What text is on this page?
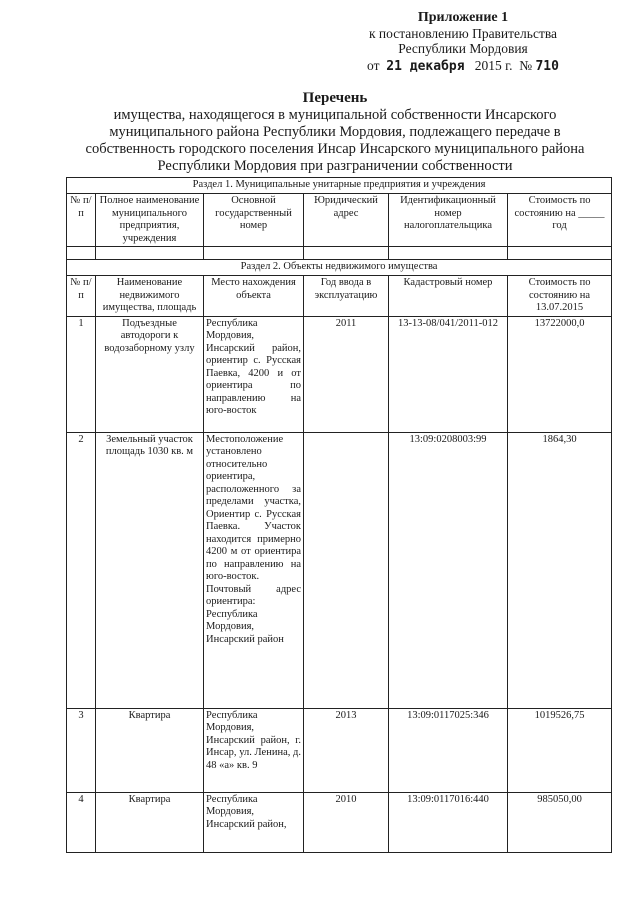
Приложение 1
к постановлению Правительства
Республики Мордовия
от 21 декабря 2015 г. № 710
Перечень
имущества, находящегося в муниципальной собственности Инсарского
муниципального района Республики Мордовия, подлежащего передаче в
собственность городского поселения Инсар Инсарского муниципального района
Республики Мордовия при разграничении собственности
Раздел 1. Муниципальные унитарные предприятия и учреждения					
№ п/п	Полное наименование муниципального предприятия, учреждения	Основной государственный номер	Юридический адрес	Идентификационный номер налогоплательщика	Стоимость по состоянию на _____ год

Раздел 2. Объекты недвижимого имущества					
№ п/п	Наименование недвижимого имущества, площадь	Место нахождения объекта	Год ввода в эксплуатацию	Кадастровый номер	Стоимость по состоянию на 13.07.2015
1	Подъездные автодороги к водозаборному узлу	Республика Мордовия, Инсарский район, ориентир с. Русская Паевка, 4200 и от ориентира по направлению на юго-восток	2011	13-13-08/041/2011-012	13722000,0
2	Земельный участок площадь 1030 кв. м	Местоположение установлено относительно ориентира, расположенного за пределами участка, Ориентир с. Русская Паевка. Участок находится примерно 4200 м от ориентира по направлению на юго-восток. Почтовый адрес ориентира: Республика Мордовия, Инсарский район		13:09:0208003:99	1864,30
3	Квартира	Республика Мордовия, Инсарский район, г. Инсар, ул. Ленина, д. 48 «а» кв. 9	2013	13:09:0117025:346	1019526,75
4	Квартира	Республика Мордовия, Инсарский район,	2010	13:09:0117016:440	985050,00
